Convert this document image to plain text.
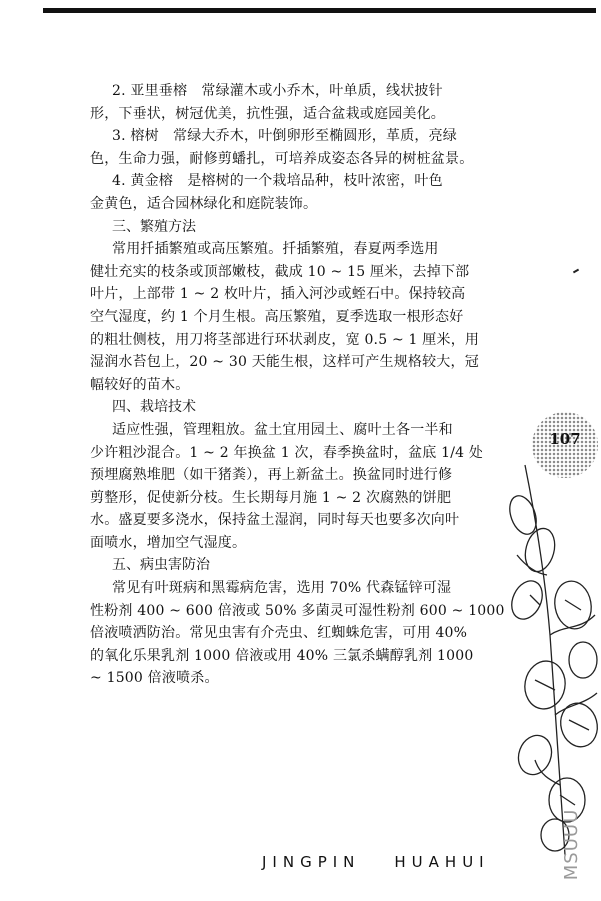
2. 亚里垂榕　常绿灌木或小乔木，叶单质，线状披针
形，下垂状，树冠优美，抗性强，适合盆栽或庭园美化。
3. 榕树　常绿大乔木，叶倒卵形至椭圆形，革质，亮绿
色，生命力强，耐修剪蟠扎，可培养成姿态各异的树桩盆景。
4. 黄金榕　是榕树的一个栽培品种，枝叶浓密，叶色
金黄色，适合园林绿化和庭院装饰。
三、繁殖方法
常用扦插繁殖或高压繁殖。扦插繁殖，春夏两季选用
健壮充实的枝条或顶部嫩枝，截成 10 ~ 15 厘米，去掉下部
叶片，上部带 1 ~ 2 枚叶片，插入河沙或蛭石中。保持较高
空气湿度，约 1 个月生根。高压繁殖，夏季选取一根形态好
的粗壮侧枝，用刀将茎部进行环状剥皮，宽 0.5 ~ 1 厘米，用
湿润水苔包上，20 ~ 30 天能生根，这样可产生规格较大，冠
幅较好的苗木。
四、栽培技术
适应性强，管理粗放。盆土宜用园土、腐叶土各一半和
少许粗沙混合。1 ~ 2 年换盆 1 次，春季换盆时，盆底 1/4 处
预埋腐熟堆肥（如干猪粪），再上新盆土。换盆同时进行修
剪整形，促使新分枝。生长期每月施 1 ~ 2 次腐熟的饼肥
水。盛夏要多浇水，保持盆土湿润，同时每天也要多次向叶
面喷水，增加空气湿度。
五、病虫害防治
常见有叶斑病和黑霉病危害，选用 70% 代森锰锌可湿
性粉剂 400 ~ 600 倍液或 50% 多菌灵可湿性粉剂 600 ~ 1000
倍液喷洒防治。常见虫害有介壳虫、红蜘蛛危害，可用 40%
的氧化乐果乳剂 1000 倍液或用 40% 三氯杀螨醇乳剂 1000
~ 1500 倍液喷杀。
107
JINGPIN HUAHUI	MSUUU
